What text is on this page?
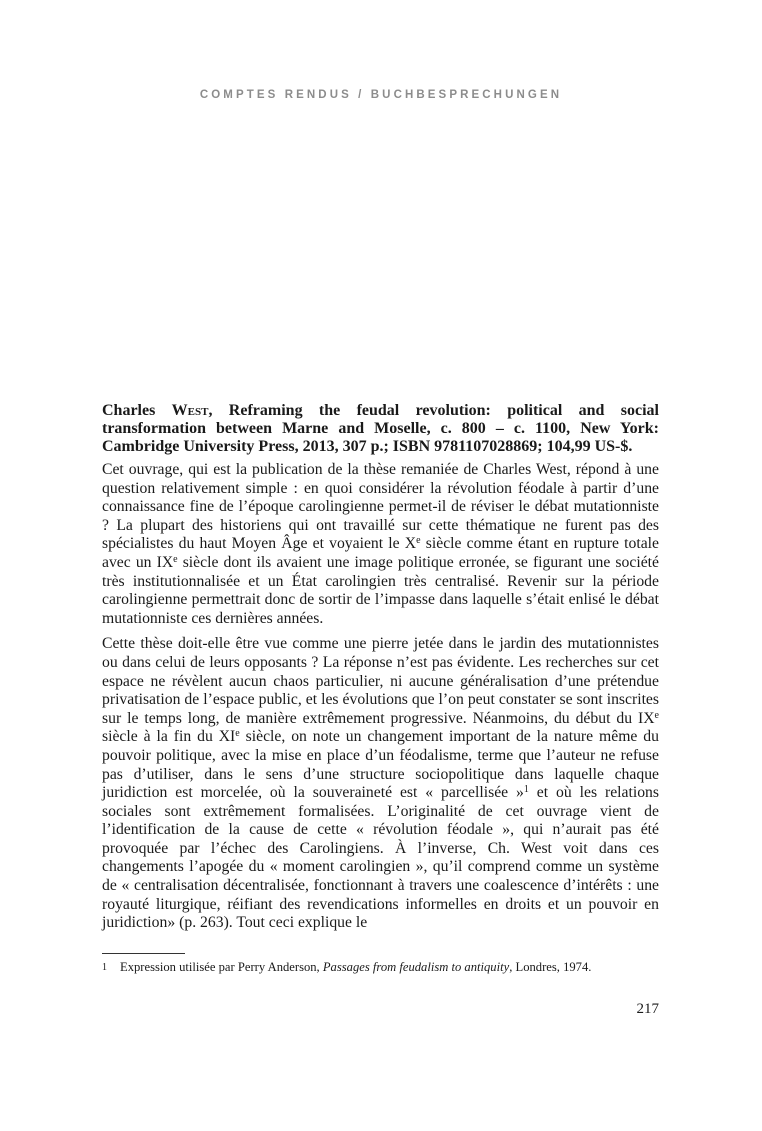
COMPTES RENDUS / BUCHBESPRECHUNGEN
Charles West, Reframing the feudal revolution: political and social transformation between Marne and Moselle, c. 800 – c. 1100, New York: Cambridge University Press, 2013, 307 p.; ISBN 9781107028869; 104,99 US-$.

Cet ouvrage, qui est la publication de la thèse remaniée de Charles West, répond à une question relativement simple : en quoi considérer la révolution féodale à partir d’une connaissance fine de l’époque carolingienne permet-il de réviser le débat mutationniste ? La plupart des historiens qui ont travaillé sur cette thématique ne furent pas des spécialistes du haut Moyen Âge et voyaient le Xe siècle comme étant en rupture totale avec un IXe siècle dont ils avaient une image politique erronée, se figurant une société très institutionnalisée et un État carolingien très centralisé. Revenir sur la période carolingienne permettrait donc de sortir de l’impasse dans laquelle s’était enlisé le débat mutationniste ces dernières années.

Cette thèse doit-elle être vue comme une pierre jetée dans le jardin des mutationnistes ou dans celui de leurs opposants ? La réponse n’est pas évidente. Les recherches sur cet espace ne révèlent aucun chaos particulier, ni aucune généralisation d’une prétendue privatisation de l’espace public, et les évolutions que l’on peut constater se sont inscrites sur le temps long, de manière extrêmement progressive. Néanmoins, du début du IXe siècle à la fin du XIe siècle, on note un changement important de la nature même du pouvoir politique, avec la mise en place d’un féodalisme, terme que l’auteur ne refuse pas d’utiliser, dans le sens d’une structure sociopolitique dans laquelle chaque juridiction est morcelée, où la souveraineté est « parcellisée »$^1$ et où les relations sociales sont extrêmement formalisées. L’originalité de cet ouvrage vient de l’identification de la cause de cette « révolution féodale », qui n’aurait pas été provoquée par l’échec des Carolingiens. À l’inverse, Ch. West voit dans ces changements l’apogée du « moment carolingien », qu’il comprend comme un système de « centralisation décentralisée, fonctionnant à travers une coalescence d’intérêts : une royauté liturgique, réifiant des revendications informelles en droits et un pouvoir en juridiction» (p. 263). Tout ceci explique le

1 Expression utilisée par Perry Anderson, Passages from feudalism to antiquity, Londres, 1974.
217
